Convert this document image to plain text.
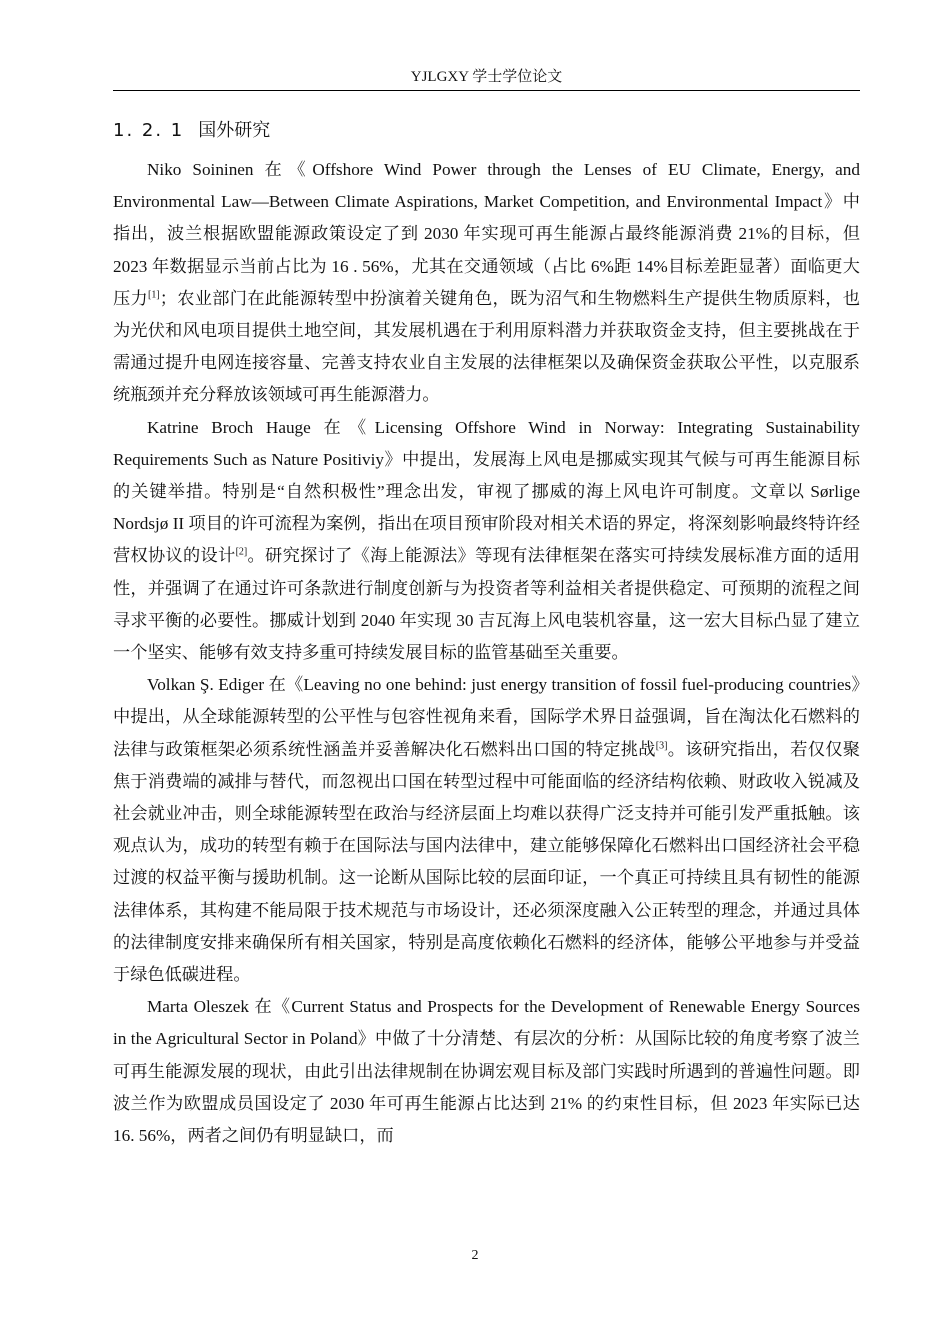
YJLGXY 学士学位论文
1. 2. 1 国外研究

Niko Soininen 在《Offshore Wind Power through the Lenses of EU Climate, Energy, and Environmental Law—Between Climate Aspirations, Market Competition, and Environmental Impact》中指出，波兰根据欧盟能源政策设定了到 2030 年实现可再生能源占最终能源消费 21%的目标，但 2023 年数据显示当前占比为 16 . 56%，尤其在交通领域（占比 6%距 14%目标差距显著）面临更大压力[1]；农业部门在此能源转型中扮演着关键角色，既为沼气和生物燃料生产提供生物质原料，也为光伏和风电项目提供土地空间，其发展机遇在于利用原料潜力并获取资金支持，但主要挑战在于需通过提升电网连接容量、完善支持农业自主发展的法律框架以及确保资金获取公平性，以克服系统瓶颈并充分释放该领域可再生能源潜力。

Katrine Broch Hauge 在《Licensing Offshore Wind in Norway: Integrating Sustainability Requirements Such as Nature Positiviy》中提出，发展海上风电是挪威实现其气候与可再生能源目标的关键举措。特别是“自然积极性”理念出发，审视了挪威的海上风电许可制度。文章以 Sørlige Nordsjø II 项目的许可流程为案例，指出在项目预审阶段对相关术语的界定，将深刻影响最终特许经营权协议的设计[2]。研究探讨了《海上能源法》等现有法律框架在落实可持续发展标准方面的适用性，并强调了在通过许可条款进行制度创新与为投资者等利益相关者提供稳定、可预期的流程之间寻求平衡的必要性。挪威计划到 2040 年实现 30 吉瓦海上风电装机容量，这一宏大目标凸显了建立一个坚实、能够有效支持多重可持续发展目标的监管基础至关重要。

Volkan Ş. Ediger 在《Leaving no one behind: just energy transition of fossil fuel-producing countries》中提出，从全球能源转型的公平性与包容性视角来看，国际学术界日益强调，旨在淘汰化石燃料的法律与政策框架必须系统性涵盖并妥善解决化石燃料出口国的特定挑战[3]。该研究指出，若仅仅聚焦于消费端的减排与替代，而忽视出口国在转型过程中可能面临的经济结构依赖、财政收入锐减及社会就业冲击，则全球能源转型在政治与经济层面上均难以获得广泛支持并可能引发严重抵触。该观点认为，成功的转型有赖于在国际法与国内法律中，建立能够保障化石燃料出口国经济社会平稳过渡的权益平衡与援助机制。这一论断从国际比较的层面印证，一个真正可持续且具有韧性的能源法律体系，其构建不能局限于技术规范与市场设计，还必须深度融入公正转型的理念，并通过具体的法律制度安排来确保所有相关国家，特别是高度依赖化石燃料的经济体，能够公平地参与并受益于绿色低碳进程。

Marta Oleszek 在《Current Status and Prospects for the Development of Renewable Energy Sources in the Agricultural Sector in Poland》中做了十分清楚、有层次的分析：从国际比较的角度考察了波兰可再生能源发展的现状，由此引出法律规制在协调宏观目标及部门实践时所遇到的普遍性问题。即波兰作为欧盟成员国设定了 2030 年可再生能源占比达到 21% 的约束性目标，但 2023 年实际已达 16. 56%，两者之间仍有明显缺口，而

2
